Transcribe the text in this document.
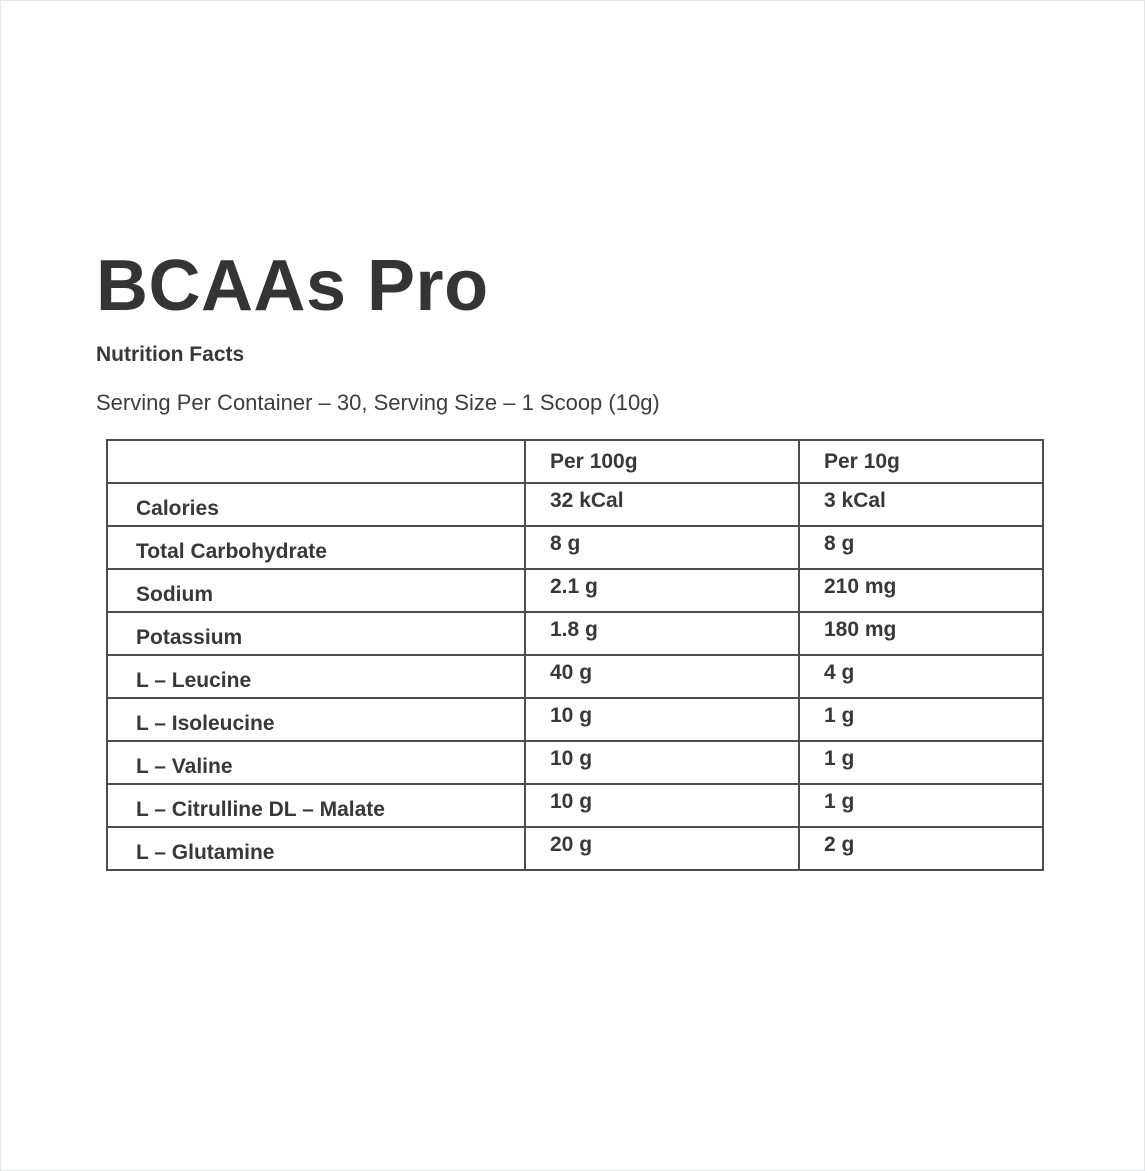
BCAAs Pro
Nutrition Facts

Serving Per Container – 30, Serving Size – 1 Scoop (10g)

	Per 100g	Per 10g
Calories	32 kCal	3 kCal
Total Carbohydrate	8 g	8 g
Sodium	2.1 g	210 mg
Potassium	1.8 g	180 mg
L – Leucine	40 g	4 g
L – Isoleucine	10 g	1 g
L – Valine	10 g	1 g
L – Citrulline DL – Malate	10 g	1 g
L – Glutamine	20 g	2 g
